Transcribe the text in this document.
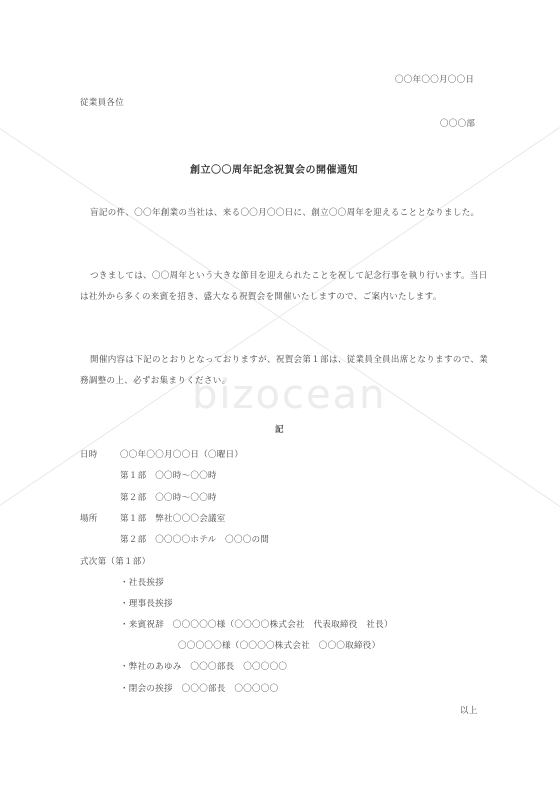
bizocean
〇〇年〇〇月〇〇日
従業員各位
〇〇〇部
創立〇〇周年記念祝賀会の開催通知
盲記の件、〇〇年創業の当社は、来る〇〇月〇〇日に、創立〇〇周年を迎えることとなりました。
つきましては、〇〇周年という大きな節目を迎えられたことを祝して記念行事を執り行います。当日は社外から多くの来賓を招き、盛大なる祝賀会を開催いたしますので、ご案内いたします。
開催内容は下記のとおりとなっておりますが、祝賀会第１部は、従業員全員出席となりますので、業務調整の上、必ずお集まりください。
記
日時	〇〇年〇〇月〇〇日（〇曜日）
第１部　〇〇時〜〇〇時
第２部　〇〇時〜〇〇時
場所	第１部　弊社〇〇〇会議室
第２部　〇〇〇〇ホテル　〇〇〇の間
式次第（第１部）
・社長挨拶
・理事長挨拶
・来賓祝辞　〇〇〇〇〇様（〇〇〇〇株式会社　代表取締役　社長）
〇〇〇〇〇様（〇〇〇〇株式会社　〇〇〇取締役）
・弊社のあゆみ　〇〇〇部長　〇〇〇〇〇
・閉会の挨拶　〇〇〇部長　〇〇〇〇〇
以上
